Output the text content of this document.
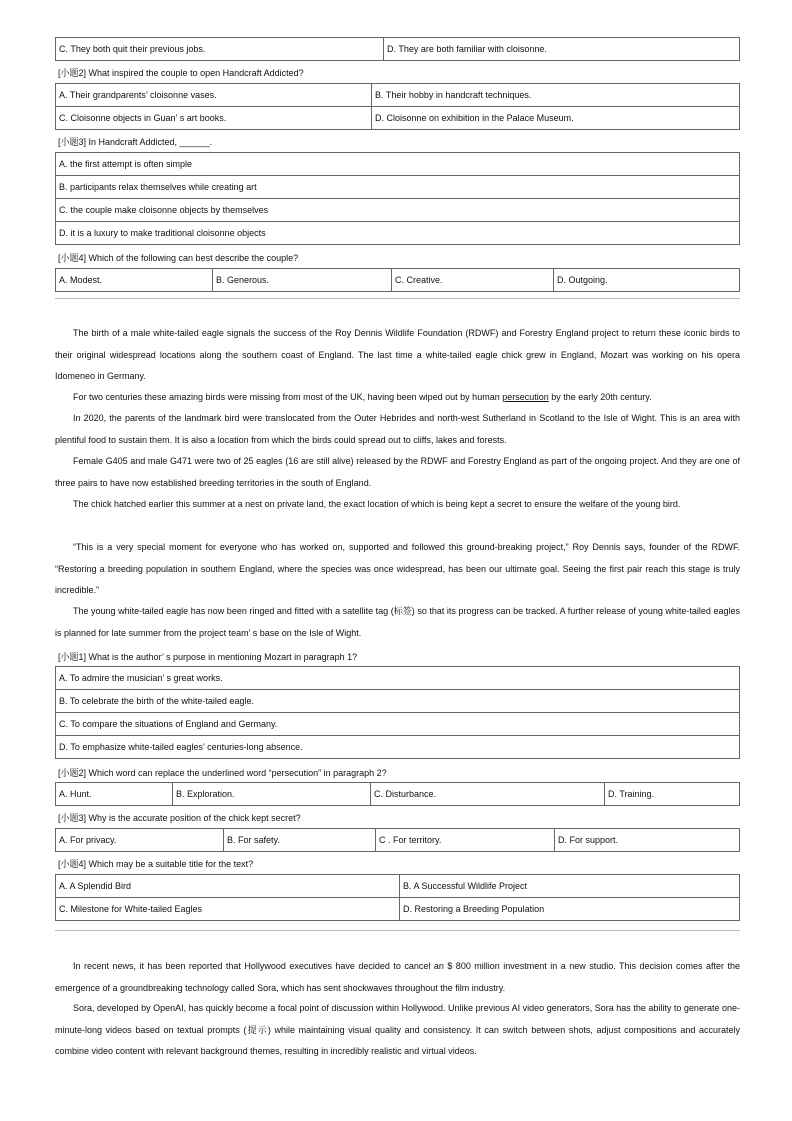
C. They both quit their previous jobs.	D. They are both familiar with cloisonne.
[小题2] What inspired the couple to open Handcraft Addicted?
A. Their grandparents’ cloisonne vases.	B. Their hobby in handcraft techniques.
C. Cloisonne objects in Guan’ s art books.	D. Cloisonne on exhibition in the Palace Museum.
[小题3] In Handcraft Addicted, ______.
A. the first attempt is often simple
B. participants relax themselves while creating art
C. the couple make cloisonne objects by themselves
D. it is a luxury to make traditional cloisonne objects
[小题4] Which of the following can best describe the couple?
A. Modest.	B. Generous.	C. Creative.	D. Outgoing.
The birth of a male white-tailed eagle signals the success of the Roy Dennis Wildlife Foundation (RDWF) and Forestry England project to return these iconic birds to their original widespread locations along the southern coast of England. The last time a white-tailed eagle chick grew in England, Mozart was working on his opera Idomeneo in Germany.
For two centuries these amazing birds were missing from most of the UK, having been wiped out by human persecution by the early 20th century.
In 2020, the parents of the landmark bird were translocated from the Outer Hebrides and north-west Sutherland in Scotland to the Isle of Wight. This is an area with plentiful food to sustain them. It is also a location from which the birds could spread out to cliffs, lakes and forests.
Female G405 and male G471 were two of 25 eagles (16 are still alive) released by the RDWF and Forestry England as part of the ongoing project. And they are one of three pairs to have now established breeding territories in the south of England.
The chick hatched earlier this summer at a nest on private land, the exact location of which is being kept a secret to ensure the welfare of the young bird.
“This is a very special moment for everyone who has worked on, supported and followed this ground-breaking project,” Roy Dennis says, founder of the RDWF. “Restoring a breeding population in southern England, where the species was once widespread, has been our ultimate goal. Seeing the first pair reach this stage is truly incredible.”
The young white-tailed eagle has now been ringed and fitted with a satellite tag (标签) so that its progress can be tracked. A further release of young white-tailed eagles is planned for late summer from the project team’ s base on the Isle of Wight.
[小题1] What is the author’ s purpose in mentioning Mozart in paragraph 1?
A. To admire the musician’ s great works.
B. To celebrate the birth of the white-tailed eagle.
C. To compare the situations of England and Germany.
D. To emphasize white-tailed eagles’ centuries-long absence.
[小题2] Which word can replace the underlined word “persecution” in paragraph 2?
A. Hunt.	B. Exploration.	C. Disturbance.	D. Training.
[小题3] Why is the accurate position of the chick kept secret?
A. For privacy.	B. For safety.	C . For territory.	D. For support.
[小题4] Which may be a suitable title for the text?
A. A Splendid Bird	B. A Successful Wildlife Project
C. Milestone for White-tailed Eagles	D. Restoring a Breeding Population
In recent news, it has been reported that Hollywood executives have decided to cancel an $ 800 million investment in a new studio. This decision comes after the emergence of a groundbreaking technology called Sora, which has sent shockwaves throughout the film industry.
Sora, developed by OpenAI, has quickly become a focal point of discussion within Hollywood. Unlike previous AI video generators, Sora has the ability to generate one-minute-long videos based on textual prompts (提示) while maintaining visual quality and consistency. It can switch between shots, adjust compositions and accurately combine video content with relevant background themes, resulting in incredibly realistic and virtual videos.
